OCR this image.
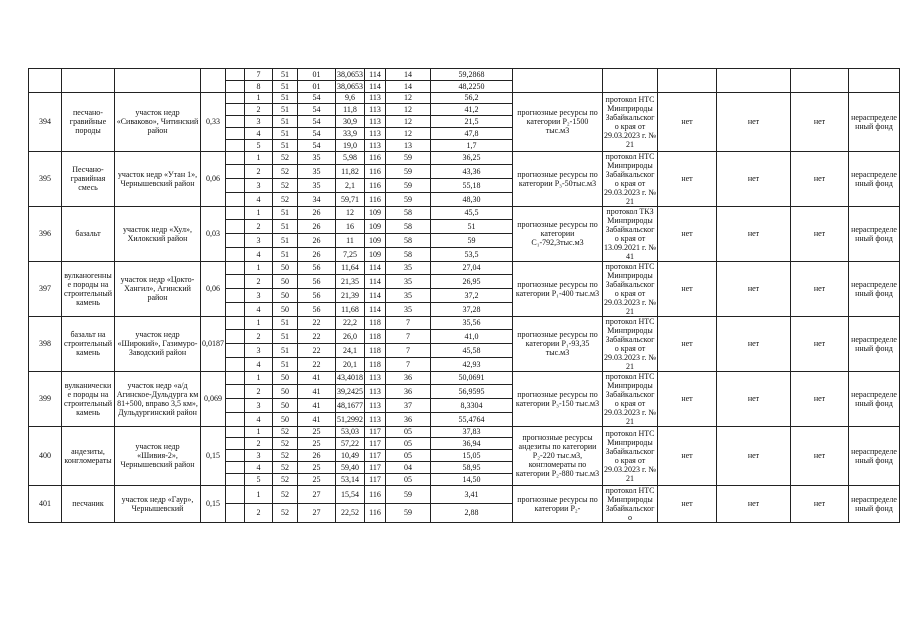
					7	51	01	38,0653	114	14	59,2868							
					8	51	01	38,0653	114	14	48,2250							
394	песчано-гравийные породы	участок недр «Сиваково», Читинский район	0,33		1	51	54	9,6	113	12	56,2	прогнозные ресурсы по категории Р₂-1500 тыс.м3	протокол НТС Минприроды Забайкальского края от 29.03.2023 г. № 21	нет	нет	нет	нераспределенный фонд	
					2	51	54	11,8	113	12	41,2							
					3	51	54	30,9	113	12	21,5							
					4	51	54	33,9	113	12	47,8							
					5	51	54	19,0	113	13	1,7							
395	Песчано-гравийная смесь	участок недр «Утан 1», Чернышевский район	0,06		1	52	35	5,98	116	59	36,25	прогнозные ресурсы по категории Р₃-50тыс.м3	протокол НТС Минприроды Забайкальского края от 29.03.2023 г. № 21	нет	нет	нет	нераспределенный фонд	
					2	52	35	11,82	116	59	43,36							
					3	52	35	2,1	116	59	55,18							
					4	52	34	59,71	116	59	48,30							
396	базальт	участок недр «Хул», Хилокский район	0,03		1	51	26	12	109	58	45,5	прогнозные ресурсы по категории С₁-792,3тыс.м3	протокол ТКЗ Минприроды Забайкальского края от 13.09.2021 г. № 41	нет	нет	нет	нераспределенный фонд	
					2	51	26	16	109	58	51							
					3	51	26	11	109	58	59							
					4	51	26	7,25	109	58	53,5							
397	вулканогенные породы на строительный камень	участок недр «Цокто-Хангил», Агинский район	0,06		1	50	56	11,64	114	35	27,04	прогнозные ресурсы по категории Р₁-400 тыс.м3	протокол НТС Минприроды Забайкальского края от 29.03.2023 г. № 21	нет	нет	нет	нераспределенный фонд	
					2	50	56	21,35	114	35	26,95							
					3	50	56	21,39	114	35	37,2							
					4	50	56	11,68	114	35	37,28							
398	базальт на строительный камень	участок недр «Широкий», Газимуро-Заводский район	0,0187		1	51	22	22,2	118	7	35,56	прогнозные ресурсы по категории Р₁-93,35 тыс.м3	протокол НТС Минприроды Забайкальского края от 29.03.2023 г. № 21	нет	нет	нет	нераспределенный фонд	
					2	51	22	26,0	118	7	41,0							
					3	51	22	24,1	118	7	45,58							
					4	51	22	20,1	118	7	42,93							
399	вулканические породы на строительный камень	участок недр «а/д Агинское-Дульдурга км 81+500, вправо 3,5 км», Дульдургинский район	0,069		1	50	41	43,4018	113	36	50,0691	прогнозные ресурсы по категории Р₃-150 тыс.м3	протокол НТС Минприроды Забайкальского края от 29.03.2023 г. № 21	нет	нет	нет	нераспределенный фонд	
					2	50	41	39,2425	113	36	56,9595							
					3	50	41	48,1677	113	37	8,3304							
					4	50	41	51,2992	113	36	55,4764							
400	андезиты, конгломераты	участок недр «Шивия-2», Чернышевский район	0,15		1	52	25	53,03	117	05	37,83	прогнозные ресурсы андезиты по категории Р₂-220 тыс.м3, конгломераты по категории Р₂-880 тыс.м3	протокол НТС Минприроды Забайкальского края от 29.03.2023 г. № 21	нет	нет	нет	нераспределенный фонд	
					2	52	25	57,22	117	05	36,94							
					3	52	26	10,49	117	05	15,05							
					4	52	25	59,40	117	04	58,95							
					5	52	25	53,14	117	05	14,50							
401	песчаник	участок недр «Гаур», Чернышевский	0,15		1	52	27	15,54	116	59	3,41	прогнозные ресурсы по категории Р₂-	протокол НТС Минприроды Забайкальского	нет	нет	нет	нераспределенный фонд	
					2	52	27	22,52	116	59	2,88							
